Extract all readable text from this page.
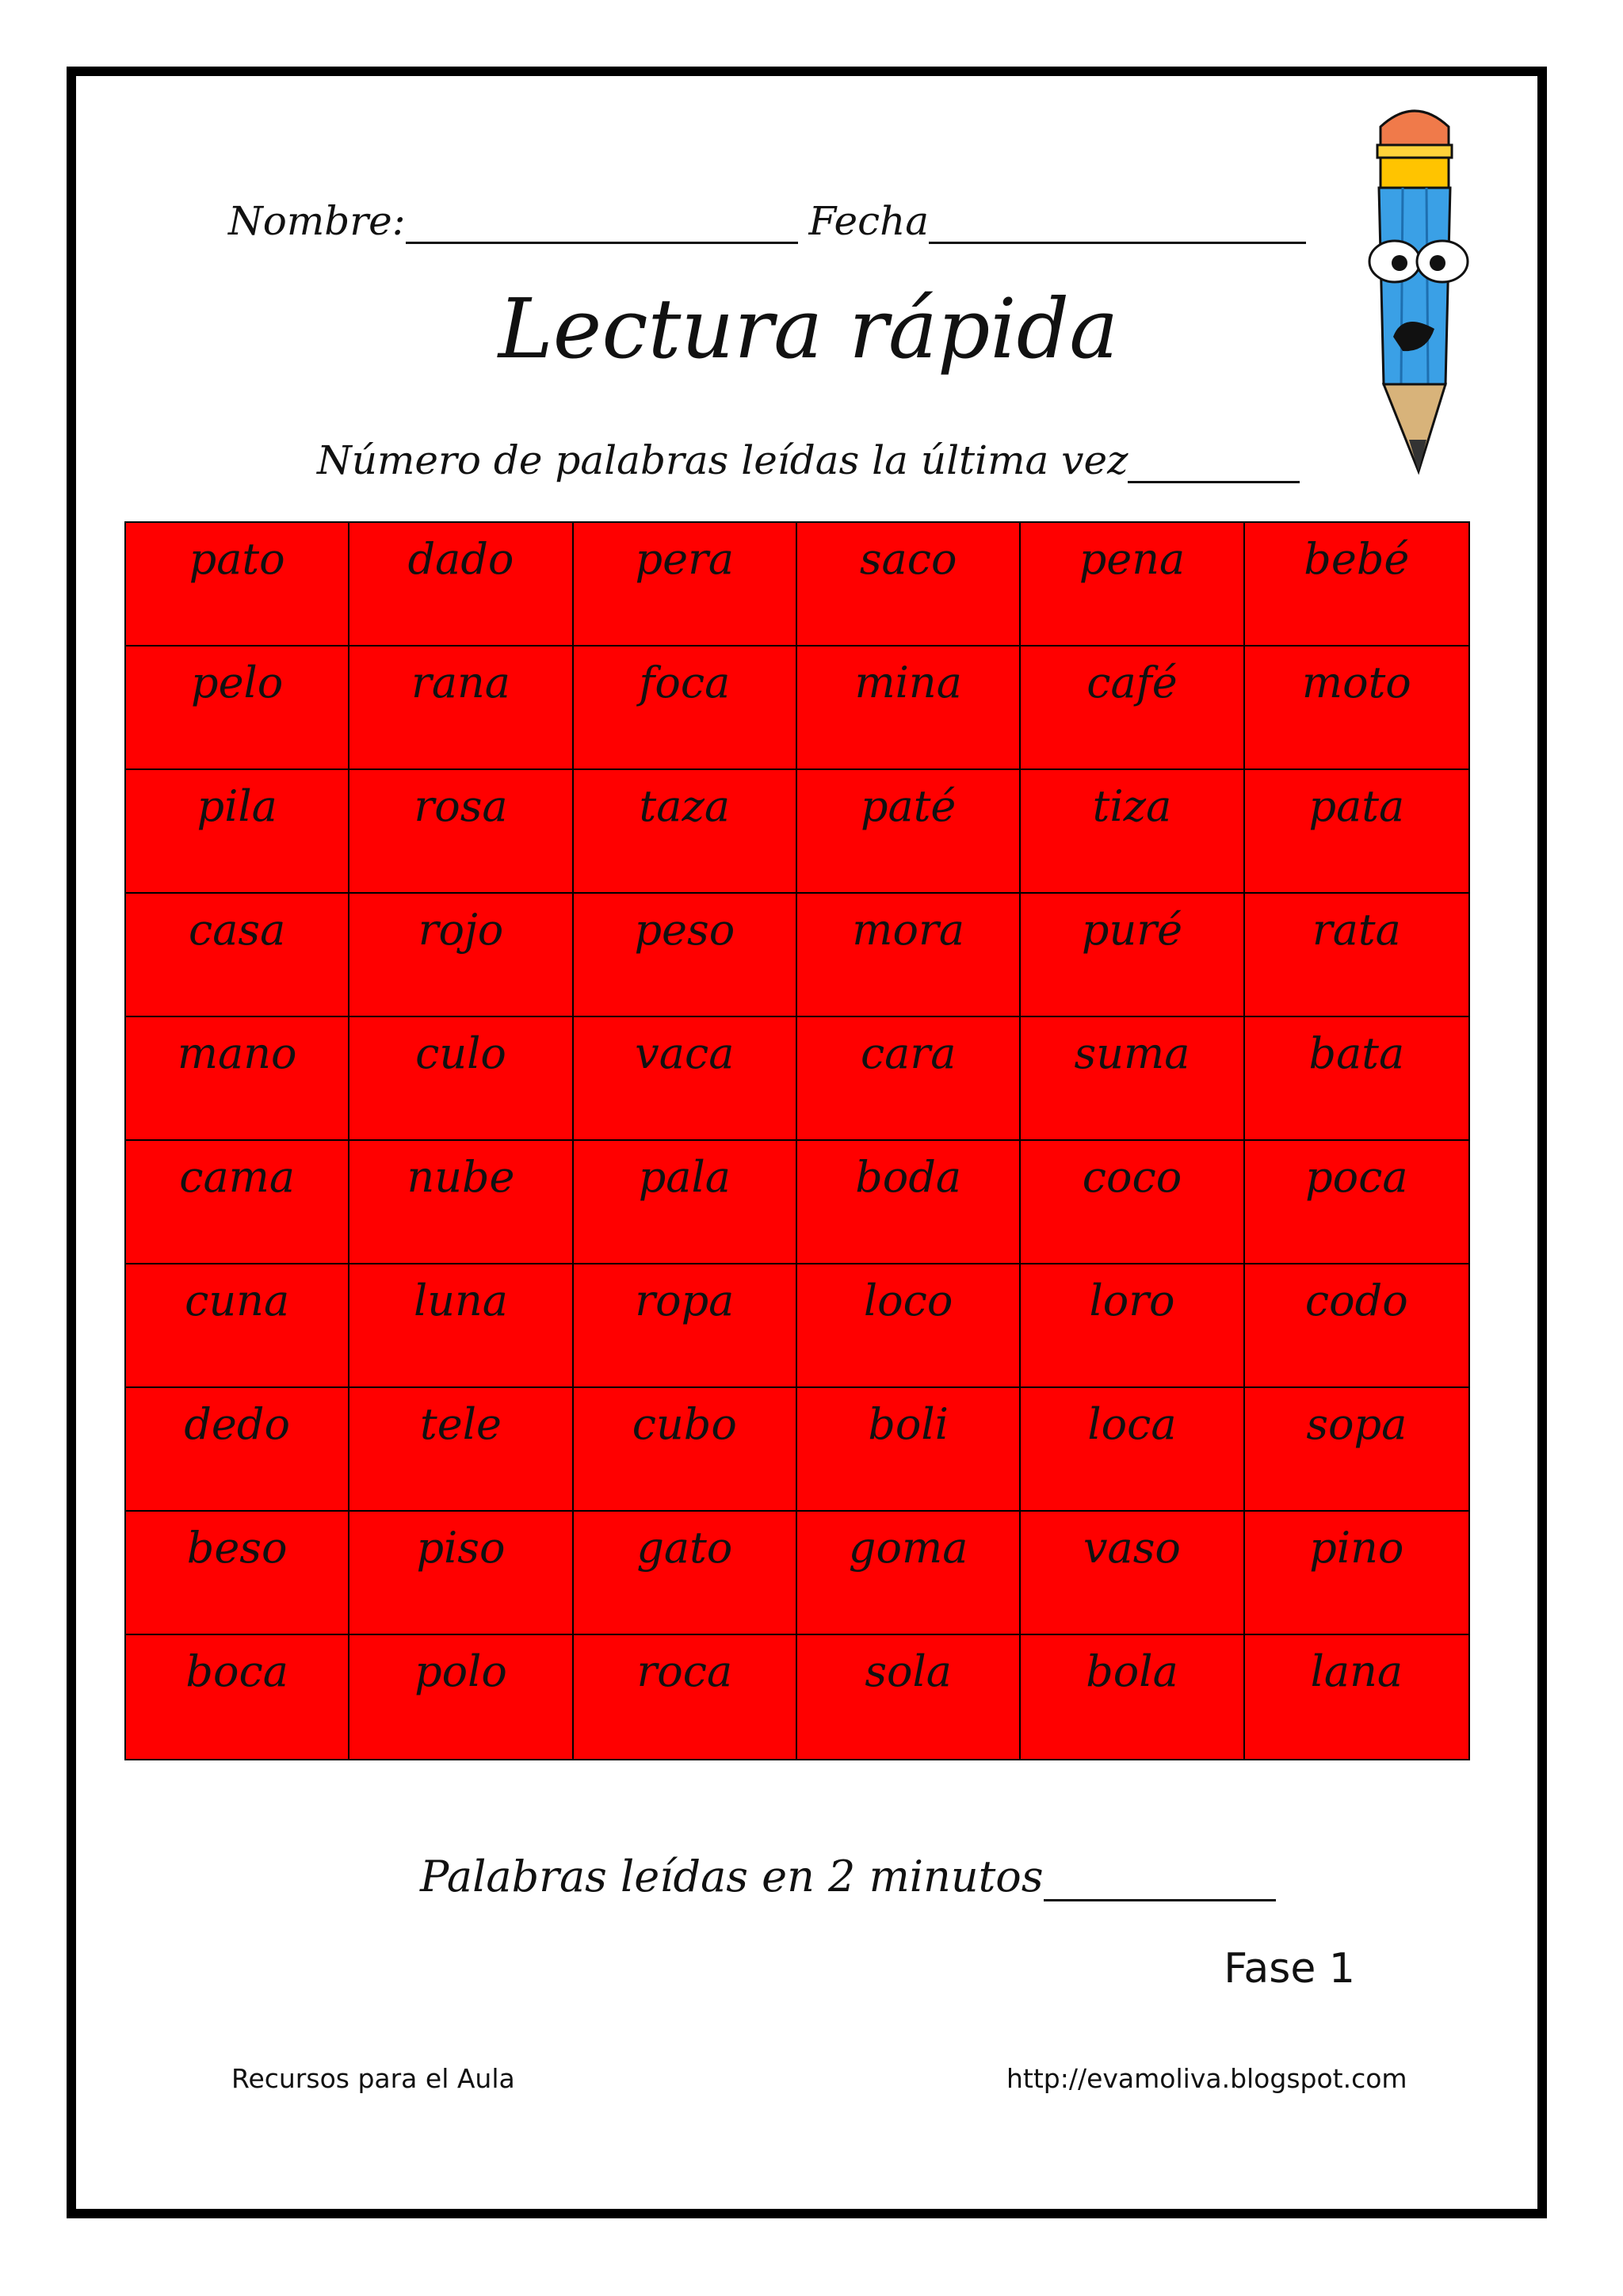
Nombre:	Fecha
Lectura rápida
Número de palabras leídas la última vez
pato	dado	pera	saco	pena	bebé
pelo	rana	foca	mina	café	moto
pila	rosa	taza	paté	tiza	pata
casa	rojo	peso	mora	puré	rata
mano	culo	vaca	cara	suma	bata
cama	nube	pala	boda	coco	poca
cuna	luna	ropa	loco	loro	codo
dedo	tele	cubo	boli	loca	sopa
beso	piso	gato	goma	vaso	pino
boca	polo	roca	sola	bola	lana
Palabras leídas en 2 minutos
Fase 1
Recursos para el Aula	http://evamoliva.blogspot.com
